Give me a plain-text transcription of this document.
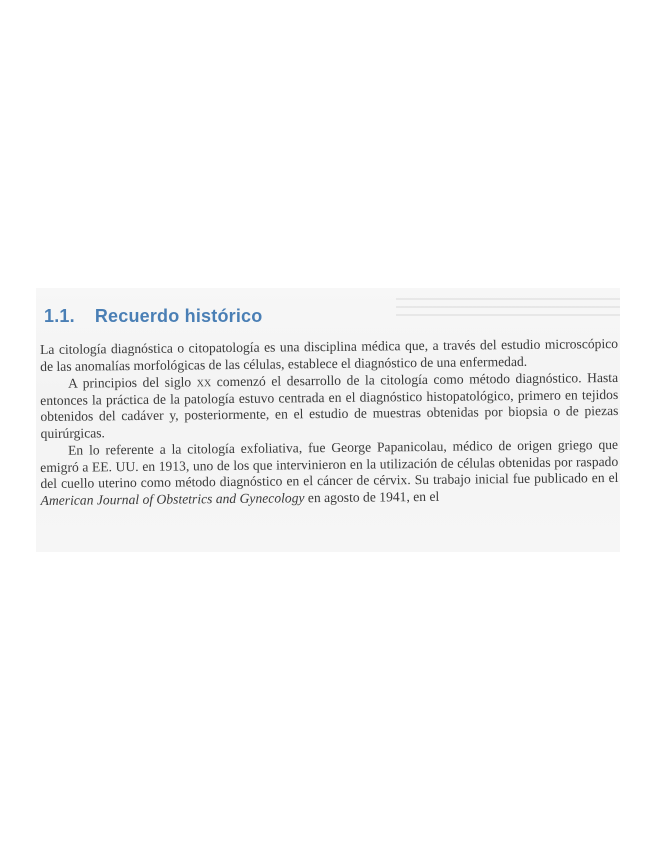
1.1. Recuerdo histórico

La citología diagnóstica o citopatología es una disciplina médica que, a través del estudio microscópico de las anomalías morfológicas de las células, establece el diagnóstico de una enfermedad.

A principios del siglo xx comenzó el desarrollo de la citología como método diagnóstico. Hasta entonces la práctica de la patología estuvo centrada en el diagnóstico histopatológico, primero en tejidos obtenidos del cadáver y, posteriormente, en el estudio de muestras obtenidas por biopsia o de piezas quirúrgicas.

En lo referente a la citología exfoliativa, fue George Papanicolau, médico de origen griego que emigró a EE. UU. en 1913, uno de los que intervinieron en la utilización de células obtenidas por raspado del cuello uterino como método diagnóstico en el cáncer de cérvix. Su trabajo inicial fue publicado en el American Journal of Obstetrics and Gynecology en agosto de 1941, en el
